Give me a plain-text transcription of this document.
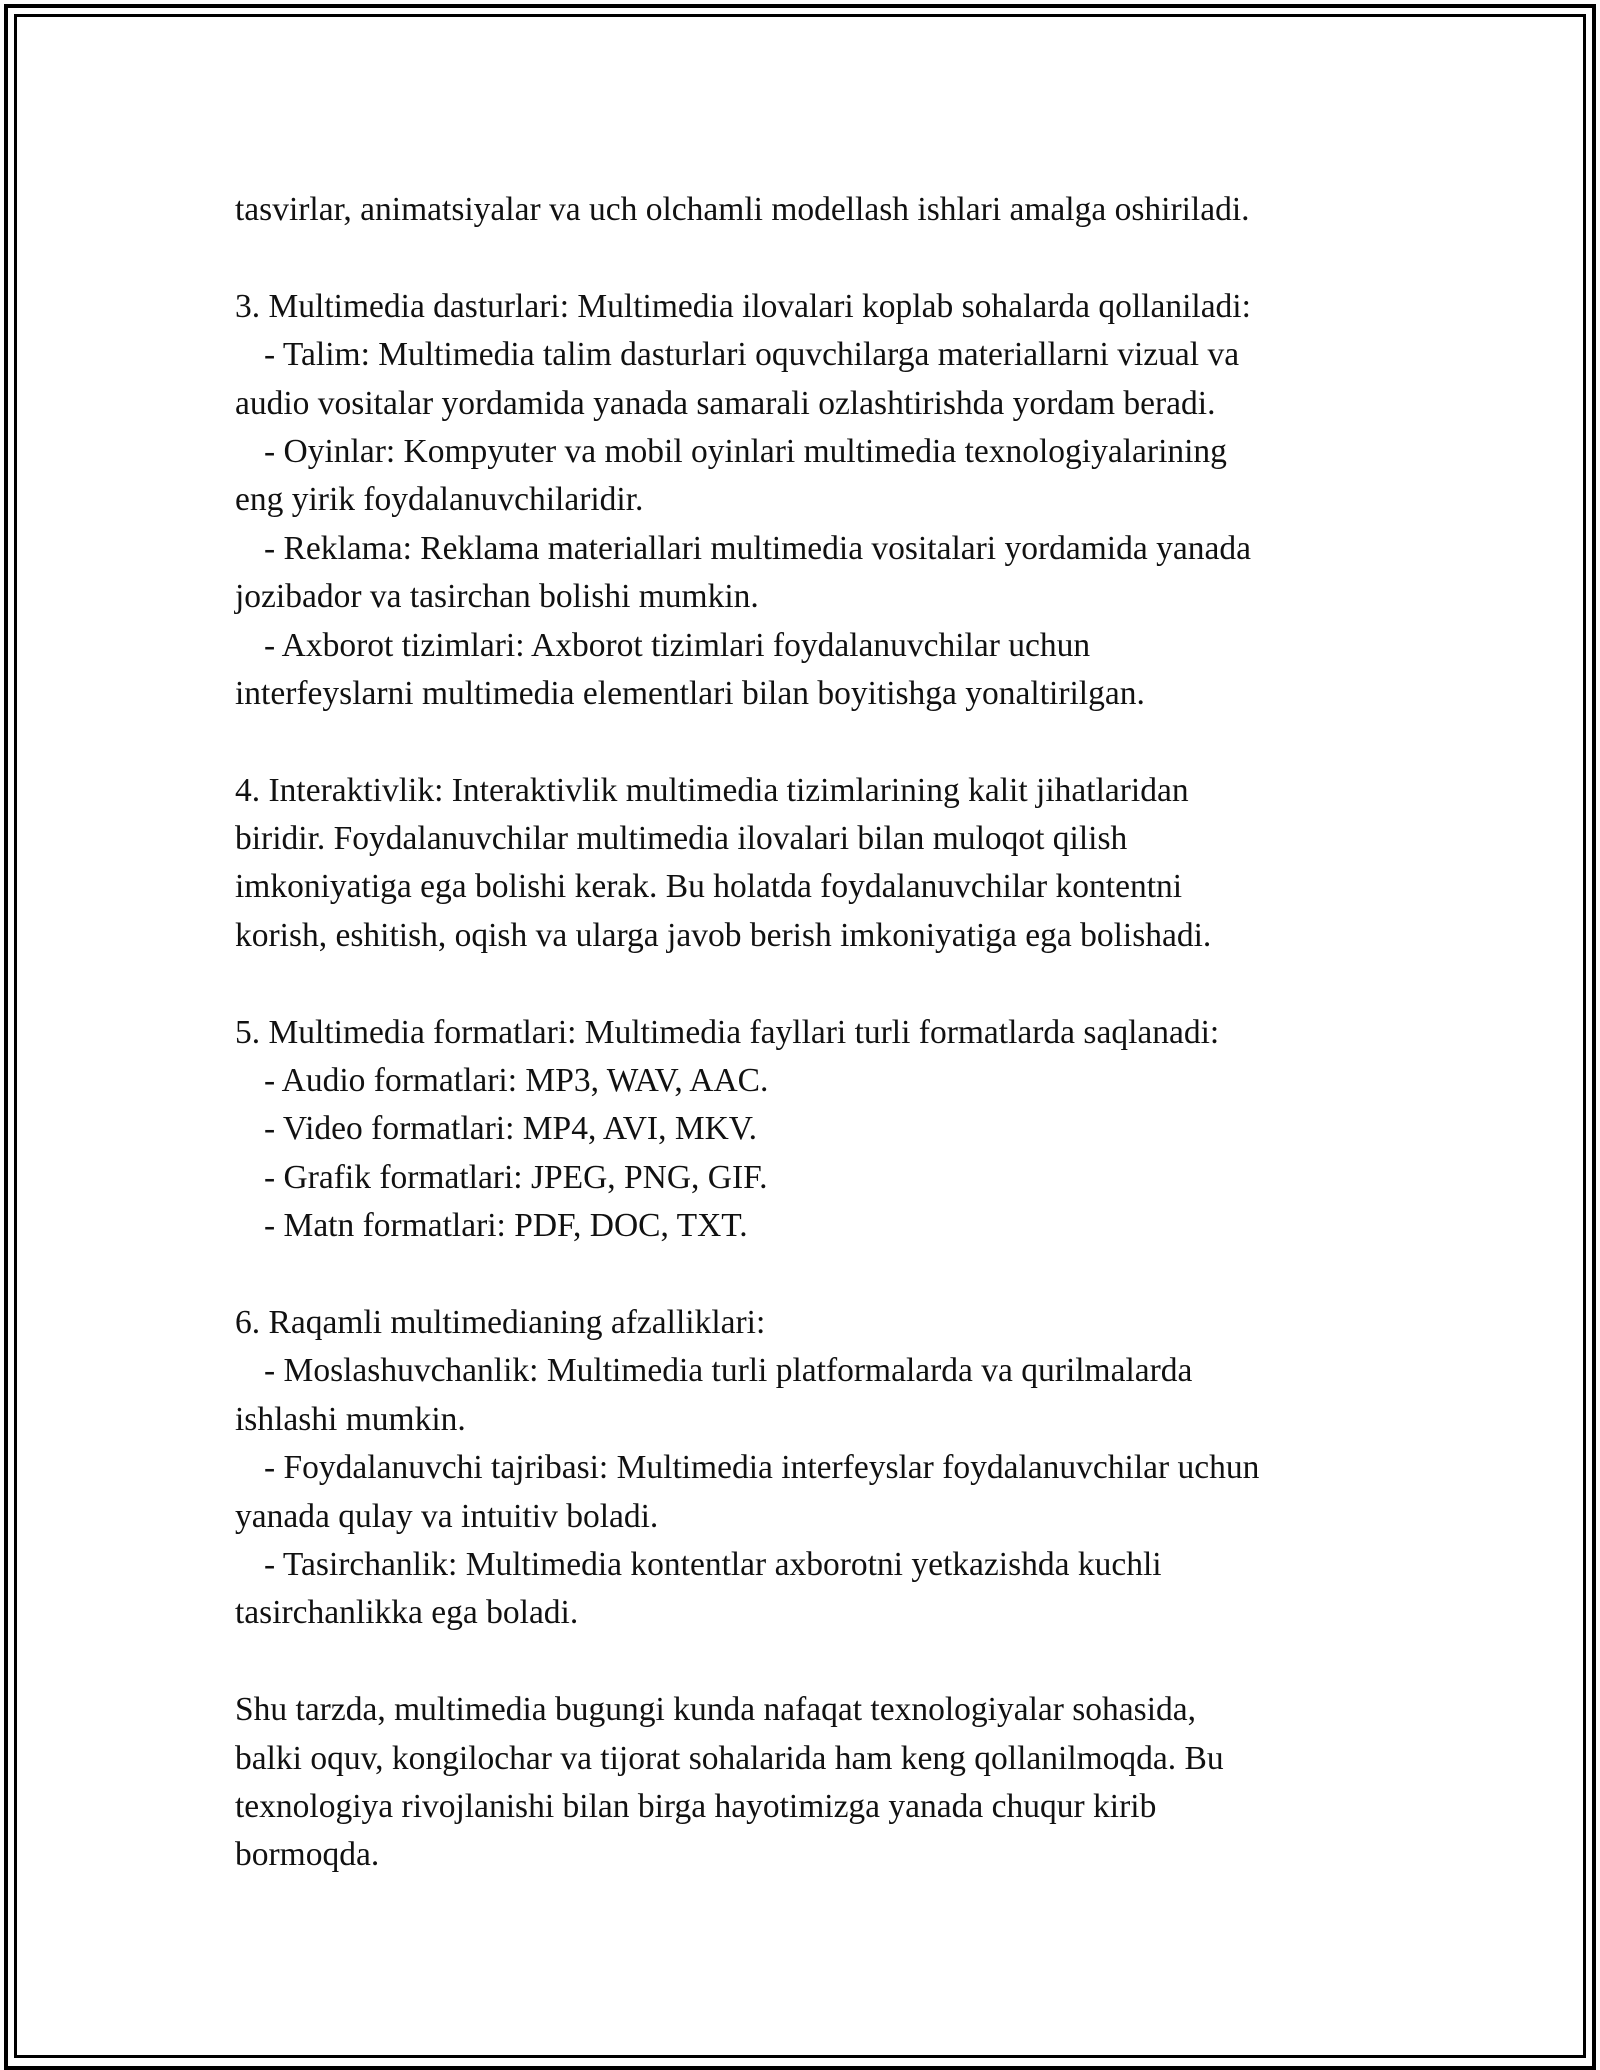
tasvirlar, animatsiyalar va uch olchamli modellash ishlari amalga oshiriladi.
3. Multimedia dasturlari: Multimedia ilovalari koplab sohalarda qollaniladi:
- Talim: Multimedia talim dasturlari oquvchilarga materiallarni vizual va
audio vositalar yordamida yanada samarali ozlashtirishda yordam beradi.
- Oyinlar: Kompyuter va mobil oyinlari multimedia texnologiyalarining
eng yirik foydalanuvchilaridir.
- Reklama: Reklama materiallari multimedia vositalari yordamida yanada
jozibador va tasirchan bolishi mumkin.
- Axborot tizimlari: Axborot tizimlari foydalanuvchilar uchun
interfeyslarni multimedia elementlari bilan boyitishga yonaltirilgan.
4. Interaktivlik: Interaktivlik multimedia tizimlarining kalit jihatlaridan
biridir. Foydalanuvchilar multimedia ilovalari bilan muloqot qilish
imkoniyatiga ega bolishi kerak. Bu holatda foydalanuvchilar kontentni
korish, eshitish, oqish va ularga javob berish imkoniyatiga ega bolishadi.
5. Multimedia formatlari: Multimedia fayllari turli formatlarda saqlanadi:
- Audio formatlari: MP3, WAV, AAC.
- Video formatlari: MP4, AVI, MKV.
- Grafik formatlari: JPEG, PNG, GIF.
- Matn formatlari: PDF, DOC, TXT.
6. Raqamli multimedianing afzalliklari:
- Moslashuvchanlik: Multimedia turli platformalarda va qurilmalarda
ishlashi mumkin.
- Foydalanuvchi tajribasi: Multimedia interfeyslar foydalanuvchilar uchun
yanada qulay va intuitiv boladi.
- Tasirchanlik: Multimedia kontentlar axborotni yetkazishda kuchli
tasirchanlikka ega boladi.
Shu tarzda, multimedia bugungi kunda nafaqat texnologiyalar sohasida,
balki oquv, kongilochar va tijorat sohalarida ham keng qollanilmoqda. Bu
texnologiya rivojlanishi bilan birga hayotimizga yanada chuqur kirib
bormoqda.
